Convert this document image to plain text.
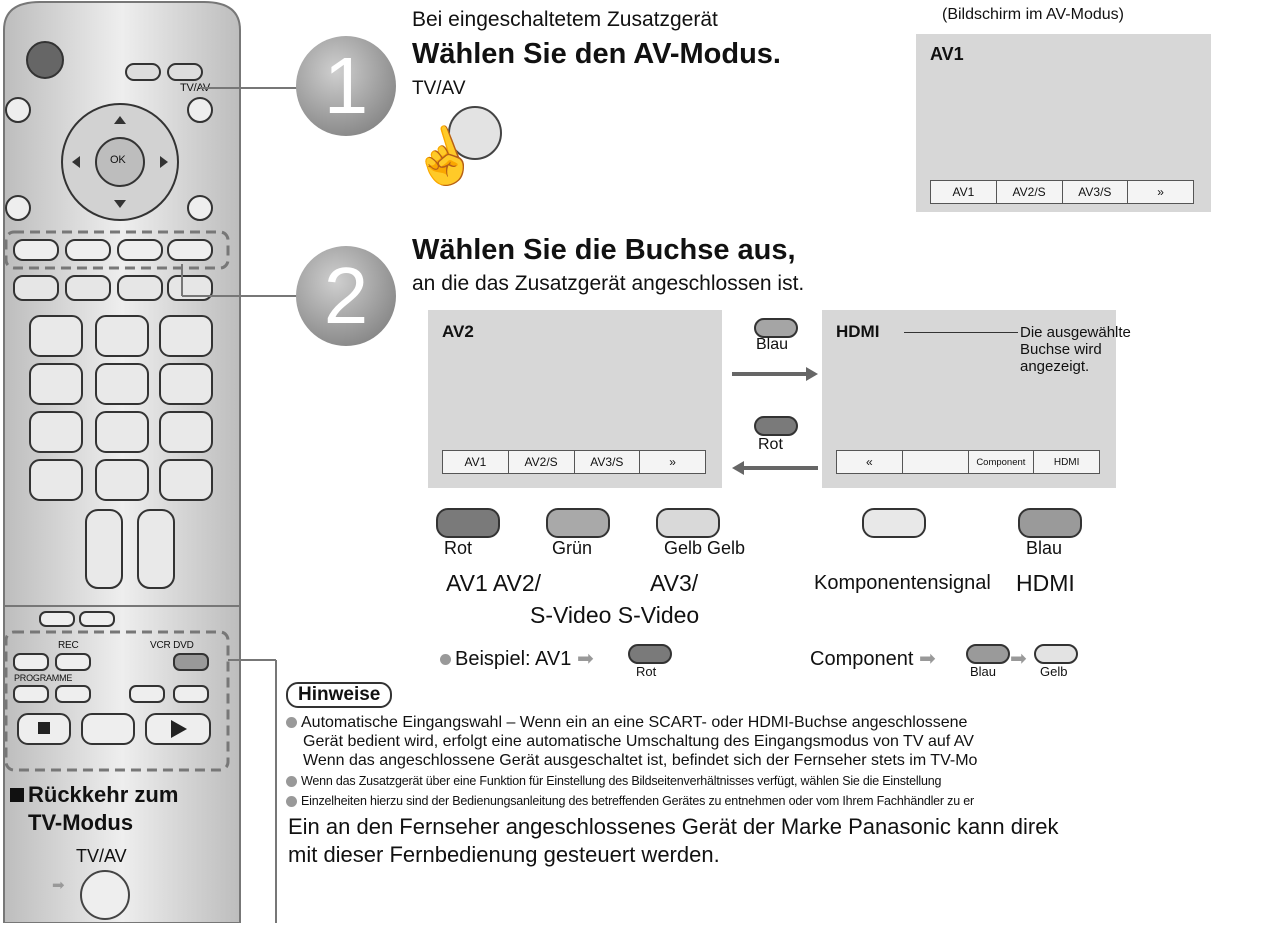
TV/AV
OK
REC	VCR DVD
PROGRAMME
1
Bei eingeschaltetem Zusatzgerät
Wählen Sie den AV-Modus.
TV/AV
☝
(Bildschirm im AV-Modus)
AV1
AV1	AV2/S	AV3/S	»
2
Wählen Sie die Buchse aus,
an die das Zusatzgerät angeschlossen ist.
AV2
AV1	AV2/S	AV3/S	»
Blau
Rot
HDMI
«	Component	HDMI
Die ausgewählte
Buchse wird
angezeigt.
Rot	Grün	Gelb Gelb	Blau
AV1 AV2/	AV3/
S-Video S-Video
Komponentensignal HDMI
Beispiel: AV1 ➡
Rot
Component ➡
Blau
➡
Gelb
Rückkehr zum
TV-Modus
TV/AV
➡
Hinweise
Automatische Eingangswahl – Wenn ein an eine SCART- oder HDMI-Buchse angeschlossene
Gerät bedient wird, erfolgt eine automatische Umschaltung des Eingangsmodus von TV auf AV
Wenn das angeschlossene Gerät ausgeschaltet ist, befindet sich der Fernseher stets im TV-Mo
Wenn das Zusatzgerät über eine Funktion für Einstellung des Bildseitenverhältnisses verfügt, wählen Sie die Einstellung
Einzelheiten hierzu sind der Bedienungsanleitung des betreffenden Gerätes zu entnehmen oder vom Ihrem Fachhändler zu er
Ein an den Fernseher angeschlossenes Gerät der Marke Panasonic kann direk
mit dieser Fernbedienung gesteuert werden.
